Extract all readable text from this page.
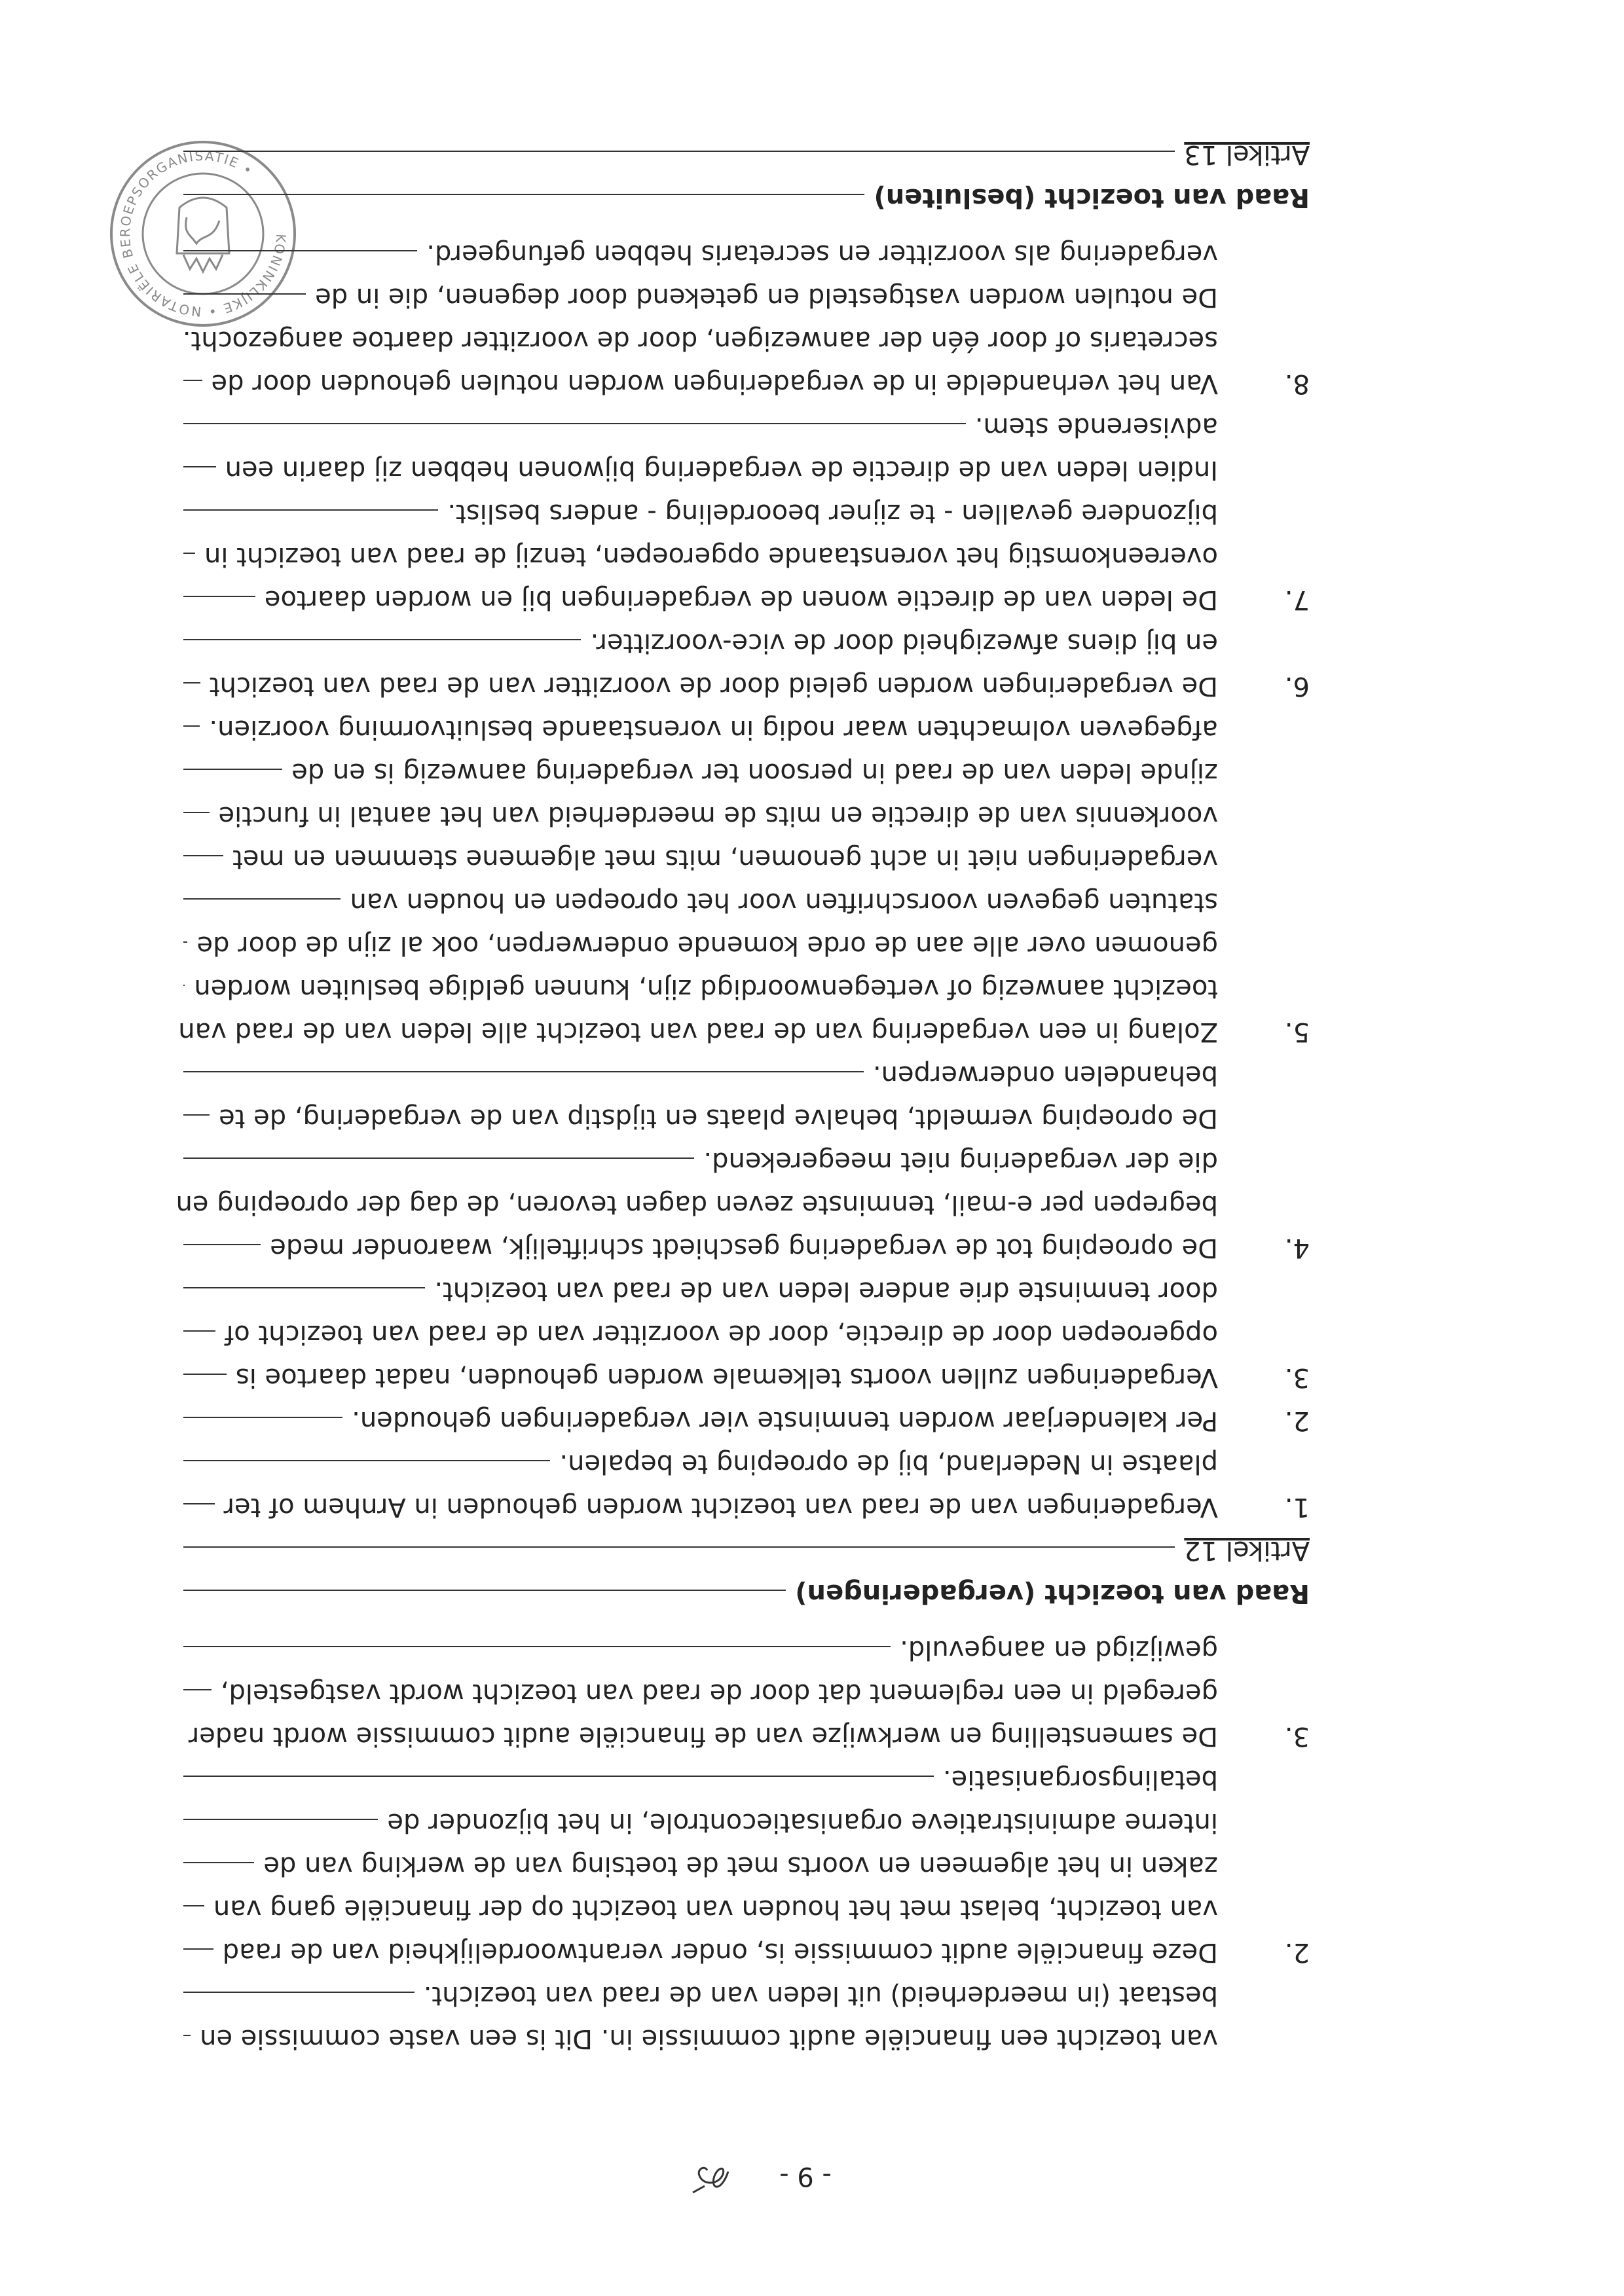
- 9 -
KONINKLIJKE • NOTARIËLE BEROEPSORGANISATIE •
van toezicht een financiële audit commissie in. Dit is een vaste commissie en
bestaat (in meerderheid) uit leden van de raad van toezicht.
2.
Deze financiële audit commissie is, onder verantwoordelijkheid van de raad
van toezicht, belast met het houden van toezicht op der financiële gang van
zaken in het algemeen en voorts met de toetsing van de werking van de
interne administratieve organisatiecontrole, in het bijzonder de
betalingsorganisatie.
3.
De samenstelling en werkwijze van de financiële audit commissie wordt nader
geregeld in een reglement dat door de raad van toezicht wordt vastgesteld,
gewijzigd en aangevuld.
Raad van toezicht (vergaderingen)
Artikel 12
1.
Vergaderingen van de raad van toezicht worden gehouden in Arnhem of ter
plaatse in Nederland, bij de oproeping te bepalen.
2.
Per kalenderjaar worden tenminste vier vergaderingen gehouden.
3.
Vergaderingen zullen voorts telkemale worden gehouden, nadat daartoe is
opgeroepen door de directie, door de voorzitter van de raad van toezicht of
door tenminste drie andere leden van de raad van toezicht.
4.
De oproeping tot de vergadering geschiedt schriftelijk, waaronder mede
begrepen per e-mail, tenminste zeven dagen tevoren, de dag der oproeping en
die der vergadering niet meegerekend.
De oproeping vermeldt, behalve plaats en tijdstip van de vergadering, de te
behandelen onderwerpen.
5.
Zolang in een vergadering van de raad van toezicht alle leden van de raad van
toezicht aanwezig of vertegenwoordigd zijn, kunnen geldige besluiten worden
genomen over alle aan de orde komende onderwerpen, ook al zijn de door de
statuten gegeven voorschriften voor het oproepen en houden van
vergaderingen niet in acht genomen, mits met algemene stemmen en met
voorkennis van de directie en mits de meerderheid van het aantal in functie
zijnde leden van de raad in persoon ter vergadering aanwezig is en de
afgegeven volmachten waar nodig in vorenstaande besluitvorming voorzien.
6.
De vergaderingen worden geleid door de voorzitter van de raad van toezicht
en bij diens afwezigheid door de vice-voorzitter.
7.
De leden van de directie wonen de vergaderingen bij en worden daartoe
overeenkomstig het vorenstaande opgeroepen, tenzij de raad van toezicht in
bijzondere gevallen - te zijner beoordeling - anders beslist.
Indien leden van de directie de vergadering bijwonen hebben zij daarin een
adviserende stem.
8.
Van het verhandelde in de vergaderingen worden notulen gehouden door de
secretaris of door één der aanwezigen, door de voorzitter daartoe aangezocht.
De notulen worden vastgesteld en getekend door degenen, die in de
vergadering als voorzitter en secretaris hebben gefungeerd.
Raad van toezicht (besluiten)
Artikel 13
